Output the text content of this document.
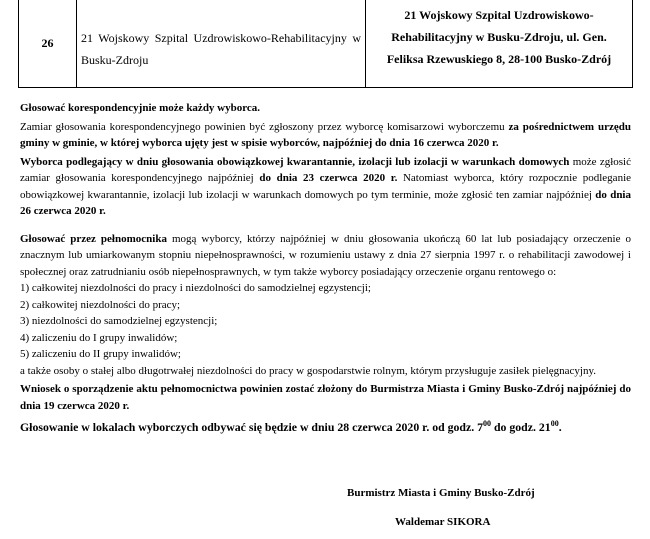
26	21 Wojskowy Szpital Uzdrowiskowo-Rehabilitacyjny w Busku-Zdroju
21 Wojskowy Szpital Uzdrowiskowo-Rehabilitacyjny w Busku-Zdroju, ul. Gen. Feliksa Rzewuskiego 8, 28-100 Busko-Zdrój

Głosować korespondencyjnie może każdy wyborca.

Zamiar głosowania korespondencyjnego powinien być zgłoszony przez wyborcę komisarzowi wyborczemu za pośrednictwem urzędu gminy w gminie, w której wyborca ujęty jest w spisie wyborców, najpóźniej do dnia 16 czerwca 2020 r.

Wyborca podlegający w dniu głosowania obowiązkowej kwarantannie, izolacji lub izolacji w warunkach domowych może zgłosić zamiar głosowania korespondencyjnego najpóźniej do dnia 23 czerwca 2020 r. Natomiast wyborca, który rozpocznie podleganie obowiązkowej kwarantannie, izolacji lub izolacji w warunkach domowych po tym terminie, może zgłosić ten zamiar najpóźniej do dnia 26 czerwca 2020 r.

Głosować przez pełnomocnika mogą wyborcy, którzy najpóźniej w dniu głosowania ukończą 60 lat lub posiadający orzeczenie o znacznym lub umiarkowanym stopniu niepełnosprawności, w rozumieniu ustawy z dnia 27 sierpnia 1997 r. o rehabilitacji zawodowej i społecznej oraz zatrudnianiu osób niepełnosprawnych, w tym także wyborcy posiadający orzeczenie organu rentowego o:

1) całkowitej niezdolności do pracy i niezdolności do samodzielnej egzystencji;

2) całkowitej niezdolności do pracy;

3) niezdolności do samodzielnej egzystencji;

4) zaliczeniu do I grupy inwalidów;

5) zaliczeniu do II grupy inwalidów;

a także osoby o stałej albo długotrwałej niezdolności do pracy w gospodarstwie rolnym, którym przysługuje zasiłek pielęgnacyjny.

Wniosek o sporządzenie aktu pełnomocnictwa powinien zostać złożony do Burmistrza Miasta i Gminy Busko-Zdrój najpóźniej do dnia 19 czerwca 2020 r.

Głosowanie w lokalach wyborczych odbywać się będzie w dniu 28 czerwca 2020 r. od godz. $7^{00}$ do godz. $21^{00}$.

Burmistrz Miasta i Gminy Busko-Zdrój
Waldemar SIKORA
